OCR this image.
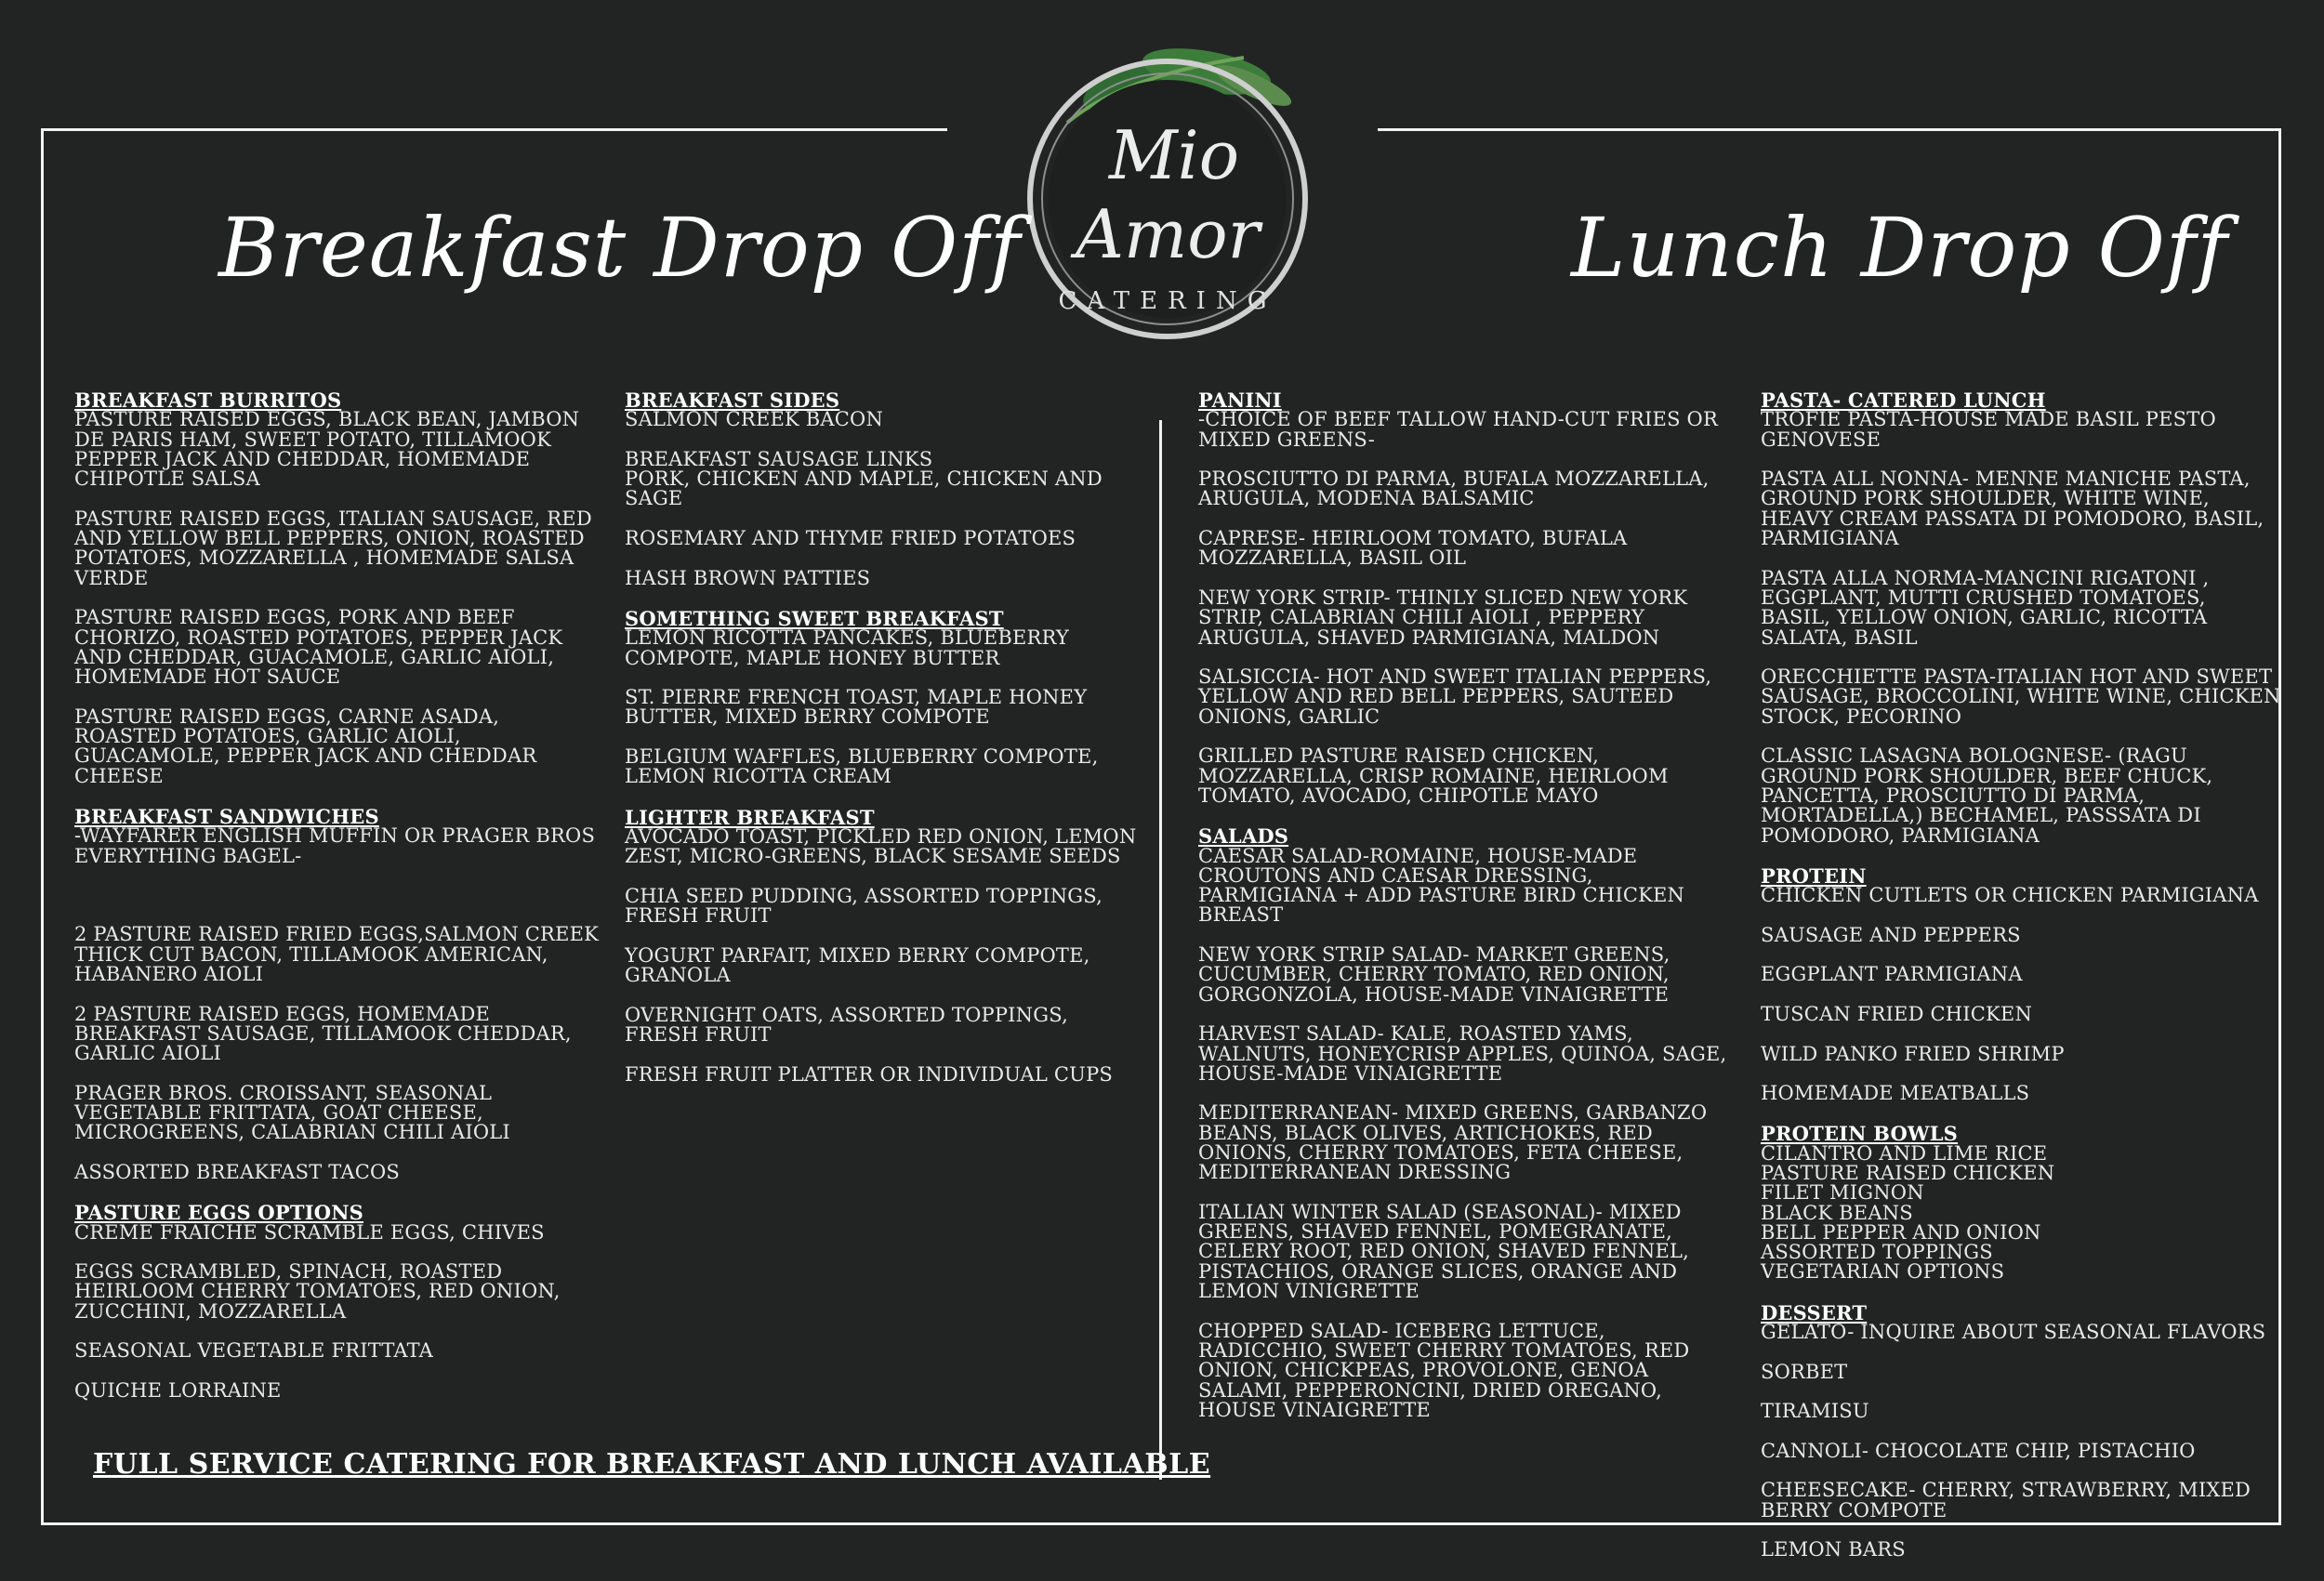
Mio
Amor
CATERING
Breakfast Drop Off	Lunch Drop Off
BREAKFAST BURRITOS
PASTURE RAISED EGGS, BLACK BEAN, JAMBON DE PARIS HAM, SWEET POTATO, TILLAMOOK PEPPER JACK AND CHEDDAR, HOMEMADE CHIPOTLE SALSA
PASTURE RAISED EGGS, ITALIAN SAUSAGE, RED AND YELLOW BELL PEPPERS, ONION, ROASTED POTATOES, MOZZARELLA , HOMEMADE SALSA VERDE
PASTURE RAISED EGGS, PORK AND BEEF CHORIZO, ROASTED POTATOES, PEPPER JACK AND CHEDDAR, GUACAMOLE, GARLIC AIOLI, HOMEMADE HOT SAUCE
PASTURE RAISED EGGS, CARNE ASADA, ROASTED POTATOES, GARLIC AIOLI, GUACAMOLE, PEPPER JACK AND CHEDDAR CHEESE
BREAKFAST SANDWICHES
-WAYFARER ENGLISH MUFFIN OR PRAGER BROS EVERYTHING BAGEL-
2 PASTURE RAISED FRIED EGGS,SALMON CREEK THICK CUT BACON, TILLAMOOK AMERICAN, HABANERO AIOLI
2 PASTURE RAISED EGGS, HOMEMADE BREAKFAST SAUSAGE, TILLAMOOK CHEDDAR, GARLIC AIOLI
PRAGER BROS. CROISSANT, SEASONAL VEGETABLE FRITTATA, GOAT CHEESE, MICROGREENS, CALABRIAN CHILI AIOLI
ASSORTED BREAKFAST TACOS
PASTURE EGGS OPTIONS
CREME FRAICHE SCRAMBLE EGGS, CHIVES
EGGS SCRAMBLED, SPINACH, ROASTED HEIRLOOM CHERRY TOMATOES, RED ONION, ZUCCHINI, MOZZARELLA
SEASONAL VEGETABLE FRITTATA
QUICHE LORRAINE
BREAKFAST SIDES
SALMON CREEK BACON
BREAKFAST SAUSAGE LINKS
PORK, CHICKEN AND MAPLE, CHICKEN AND SAGE
ROSEMARY AND THYME FRIED POTATOES
HASH BROWN PATTIES
SOMETHING SWEET BREAKFAST
LEMON RICOTTA PANCAKES, BLUEBERRY COMPOTE, MAPLE HONEY BUTTER
ST. PIERRE FRENCH TOAST, MAPLE HONEY BUTTER, MIXED BERRY COMPOTE
BELGIUM WAFFLES, BLUEBERRY COMPOTE, LEMON RICOTTA CREAM
LIGHTER BREAKFAST
AVOCADO TOAST, PICKLED RED ONION, LEMON ZEST, MICRO-GREENS, BLACK SESAME SEEDS
CHIA SEED PUDDING, ASSORTED TOPPINGS, FRESH FRUIT
YOGURT PARFAIT, MIXED BERRY COMPOTE, GRANOLA
OVERNIGHT OATS, ASSORTED TOPPINGS, FRESH FRUIT
FRESH FRUIT PLATTER OR INDIVIDUAL CUPS
PANINI
-CHOICE OF BEEF TALLOW HAND-CUT FRIES OR MIXED GREENS-
PROSCIUTTO DI PARMA, BUFALA MOZZARELLA, ARUGULA, MODENA BALSAMIC
CAPRESE- HEIRLOOM TOMATO, BUFALA MOZZARELLA, BASIL OIL
NEW YORK STRIP- THINLY SLICED NEW YORK STRIP, CALABRIAN CHILI AIOLI , PEPPERY ARUGULA, SHAVED PARMIGIANA, MALDON
SALSICCIA- HOT AND SWEET ITALIAN PEPPERS, YELLOW AND RED BELL PEPPERS, SAUTEED ONIONS, GARLIC
GRILLED PASTURE RAISED CHICKEN, MOZZARELLA, CRISP ROMAINE, HEIRLOOM TOMATO, AVOCADO, CHIPOTLE MAYO
SALADS
CAESAR SALAD-ROMAINE, HOUSE-MADE CROUTONS AND CAESAR DRESSING, PARMIGIANA + ADD PASTURE BIRD CHICKEN BREAST
NEW YORK STRIP SALAD- MARKET GREENS, CUCUMBER, CHERRY TOMATO, RED ONION, GORGONZOLA, HOUSE-MADE VINAIGRETTE
HARVEST SALAD- KALE, ROASTED YAMS, WALNUTS, HONEYCRISP APPLES, QUINOA, SAGE, HOUSE-MADE VINAIGRETTE
MEDITERRANEAN- MIXED GREENS, GARBANZO BEANS, BLACK OLIVES, ARTICHOKES, RED ONIONS, CHERRY TOMATOES, FETA CHEESE, MEDITERRANEAN DRESSING
ITALIAN WINTER SALAD (SEASONAL)- MIXED GREENS, SHAVED FENNEL, POMEGRANATE, CELERY ROOT, RED ONION, SHAVED FENNEL, PISTACHIOS, ORANGE SLICES, ORANGE AND LEMON VINIGRETTE
CHOPPED SALAD- ICEBERG LETTUCE, RADICCHIO, SWEET CHERRY TOMATOES, RED ONION, CHICKPEAS, PROVOLONE, GENOA SALAMI, PEPPERONCINI, DRIED OREGANO, HOUSE VINAIGRETTE
PASTA- CATERED LUNCH
TROFIE PASTA-HOUSE MADE BASIL PESTO GENOVESE
PASTA ALL NONNA- MENNE MANICHE PASTA, GROUND PORK SHOULDER, WHITE WINE, HEAVY CREAM PASSATA DI POMODORO, BASIL, PARMIGIANA
PASTA ALLA NORMA-MANCINI RIGATONI , EGGPLANT, MUTTI CRUSHED TOMATOES, BASIL, YELLOW ONION, GARLIC, RICOTTA SALATA, BASIL
ORECCHIETTE PASTA-ITALIAN HOT AND SWEET SAUSAGE, BROCCOLINI, WHITE WINE, CHICKEN STOCK, PECORINO
CLASSIC LASAGNA BOLOGNESE- (RAGU GROUND PORK SHOULDER, BEEF CHUCK, PANCETTA, PROSCIUTTO DI PARMA, MORTADELLA,) BECHAMEL, PASSSATA DI POMODORO, PARMIGIANA
PROTEIN
CHICKEN CUTLETS OR CHICKEN PARMIGIANA
SAUSAGE AND PEPPERS
EGGPLANT PARMIGIANA
TUSCAN FRIED CHICKEN
WILD PANKO FRIED SHRIMP
HOMEMADE MEATBALLS
PROTEIN BOWLS
CILANTRO AND LIME RICE
PASTURE RAISED CHICKEN
FILET MIGNON
BLACK BEANS
BELL PEPPER AND ONION
ASSORTED TOPPINGS
VEGETARIAN OPTIONS
DESSERT
GELATO- INQUIRE ABOUT SEASONAL FLAVORS
SORBET
TIRAMISU
CANNOLI- CHOCOLATE CHIP, PISTACHIO
CHEESECAKE- CHERRY, STRAWBERRY, MIXED BERRY COMPOTE
LEMON BARS
FULL SERVICE CATERING FOR BREAKFAST AND LUNCH AVAILABLE
